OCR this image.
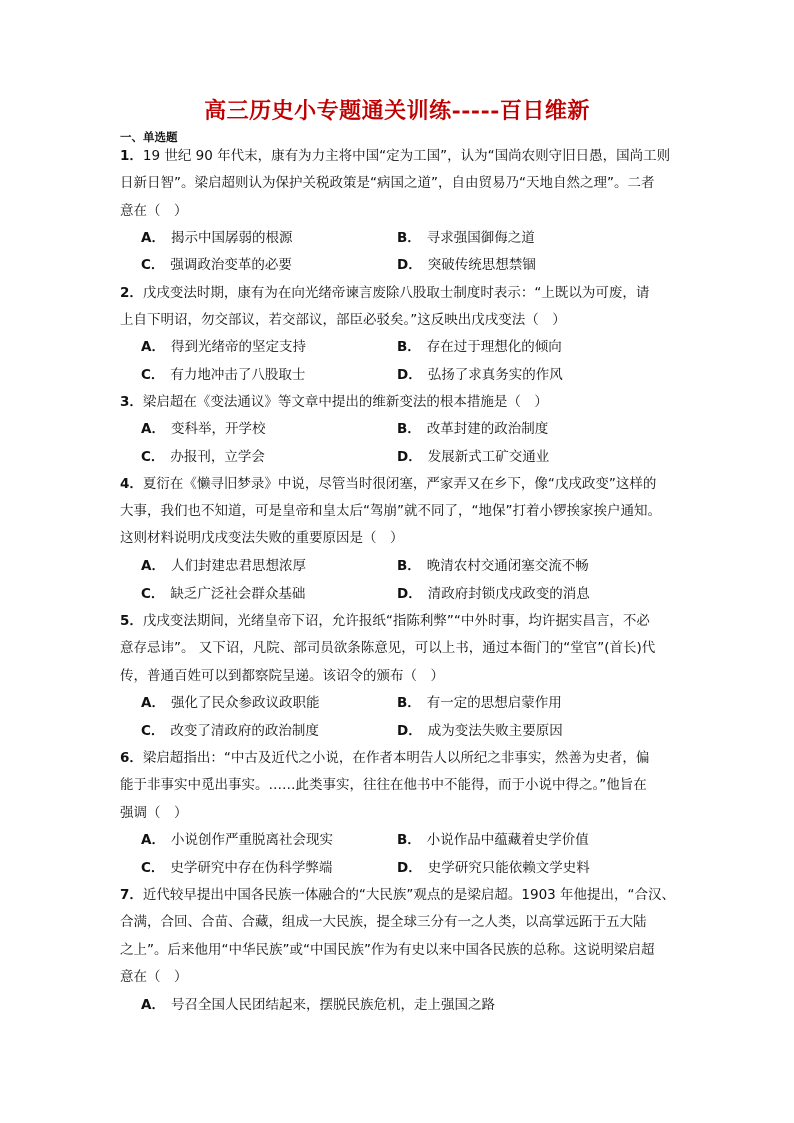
高三历史小专题通关训练-----百日维新
一、单选题
1．19 世纪 90 年代末，康有为力主将中国“定为工国”，认为“国尚农则守旧日愚，国尚工则
日新日智”。梁启超则认为保护关税政策是“病国之道”，自由贸易乃“天地自然之理”。二者
意在（　）
A． 揭示中国孱弱的根源	B． 寻求强国御侮之道
C． 强调政治变革的必要	D． 突破传统思想禁锢
2．戊戌变法时期，康有为在向光绪帝谏言废除八股取士制度时表示：“上既以为可废，请
上自下明诏，勿交部议，若交部议，部臣必驳矣。”这反映出戊戌变法（　）
A． 得到光绪帝的坚定支持	B． 存在过于理想化的倾向
C． 有力地冲击了八股取士	D． 弘扬了求真务实的作风
3．梁启超在《变法通议》等文章中提出的维新变法的根本措施是（　）
A． 变科举，开学校	B． 改革封建的政治制度
C． 办报刊，立学会	D． 发展新式工矿交通业
4．夏衍在《懒寻旧梦录》中说，尽管当时很闭塞，严家弄又在乡下，像“戊戌政变”这样的
大事，我们也不知道，可是皇帝和皇太后“驾崩”就不同了，“地保”打着小锣挨家挨户通知。
这则材料说明戊戌变法失败的重要原因是（　）
A． 人们封建忠君思想浓厚	B． 晚清农村交通闭塞交流不畅
C． 缺乏广泛社会群众基础	D． 清政府封锁戊戌政变的消息
5．戊戌变法期间，光绪皇帝下诏，允许报纸“指陈利弊”“中外时事，均许据实昌言，不必
意存忌讳”。 又下诏，凡院、部司员欲条陈意见，可以上书，通过本衙门的“堂官”(首长)代
传，普通百姓可以到都察院呈递。该诏令的颁布（　）
A． 强化了民众参政议政职能	B． 有一定的思想启蒙作用
C． 改变了清政府的政治制度	D． 成为变法失败主要原因
6．梁启超指出：“中古及近代之小说，在作者本明告人以所纪之非事实，然善为史者，偏
能于非事实中觅出事实。……此类事实，往往在他书中不能得，而于小说中得之。”他旨在
强调（　）
A． 小说创作严重脱离社会现实	B． 小说作品中蕴藏着史学价值
C． 史学研究中存在伪科学弊端	D． 史学研究只能依赖文学史料
7．近代较早提出中国各民族一体融合的“大民族”观点的是梁启超。1903 年他提出，“合汉、
合满，合回、合苗、合藏，组成一大民族，提全球三分有一之人类，以高掌远跖于五大陆
之上”。后来他用“中华民族”或“中国民族”作为有史以来中国各民族的总称。这说明梁启超
意在（　）
A． 号召全国人民团结起来，摆脱民族危机，走上强国之路
